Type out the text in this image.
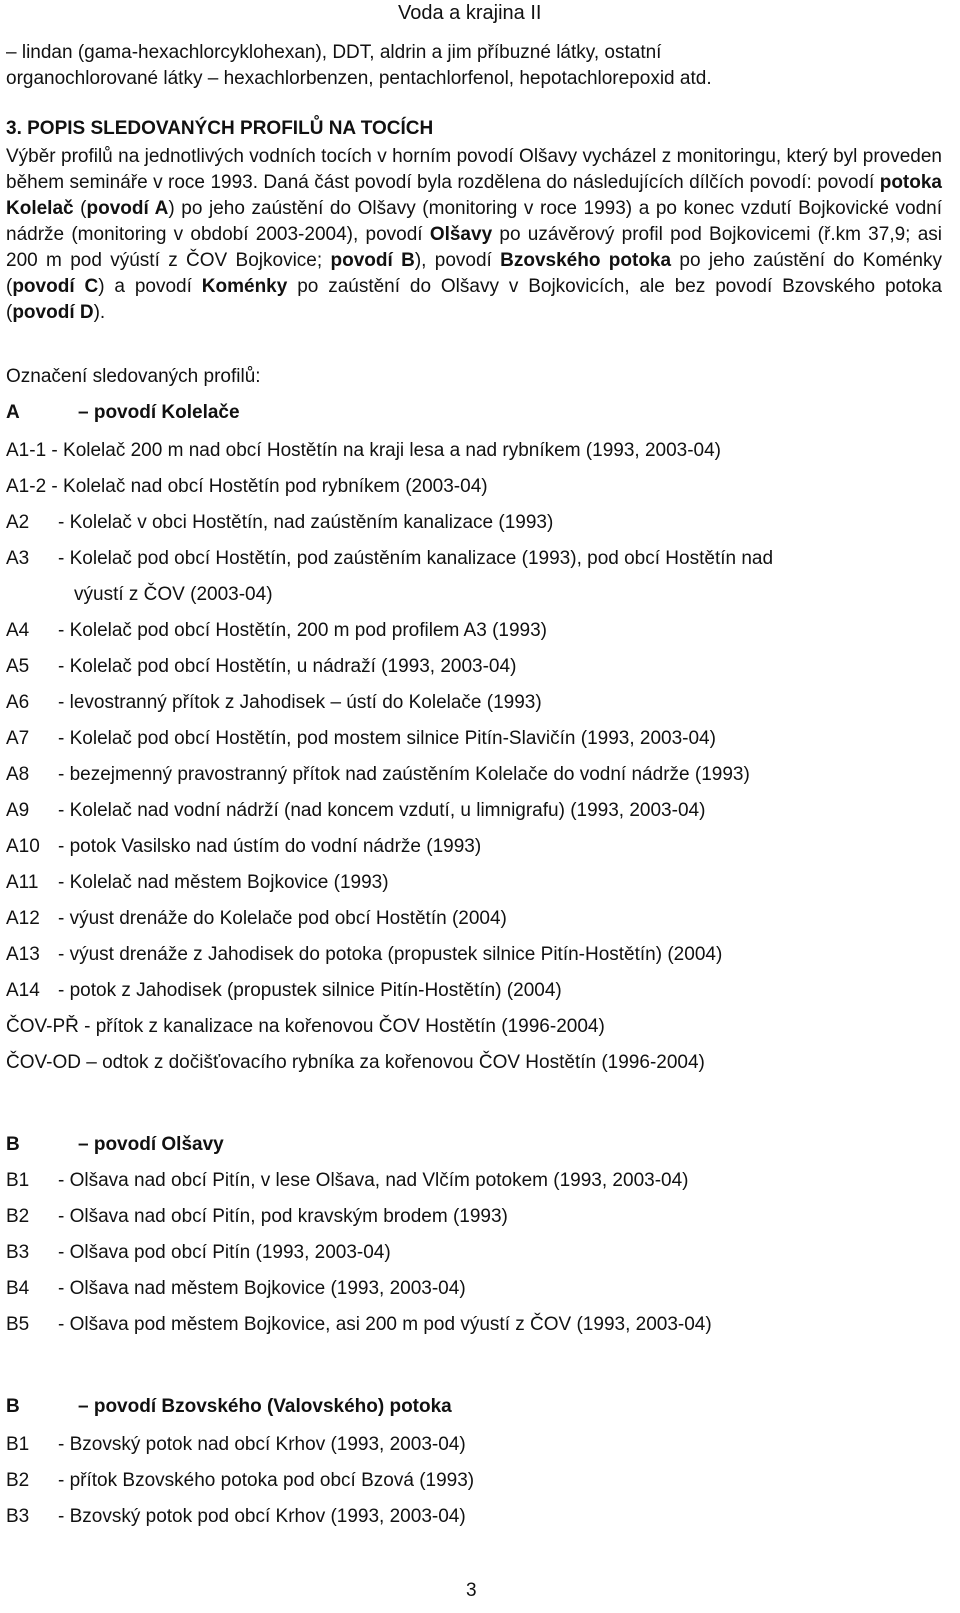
Voda a krajina II

– lindan (gama-hexachlorcyklohexan), DDT, aldrin a jim příbuzné látky, ostatní

organochlorované látky – hexachlorbenzen, pentachlorfenol, hepotachlorepoxid atd.

3. POPIS SLEDOVANÝCH PROFILŮ NA TOCÍCH

Výběr profilů na jednotlivých vodních tocích v horním povodí Olšavy vycházel z monitoringu, který byl proveden během semináře v roce 1993. Daná část povodí byla rozdělena do následujících dílčích povodí: povodí potoka Kolelač (povodí A) po jeho zaústění do Olšavy (monitoring v roce 1993) a po konec vzdutí Bojkovické vodní nádrže (monitoring v období 2003-2004), povodí Olšavy po uzávěrový profil pod Bojkovicemi (ř.km 37,9; asi 200 m pod výústí z ČOV Bojkovice; povodí B), povodí Bzovského potoka po jeho zaústění do Koménky (povodí C) a povodí Koménky po zaústění do Olšavy v Bojkovicích, ale bez povodí Bzovského potoka (povodí D).

Označení sledovaných profilů:
A	– povodí Kolelače
A1-1 - Kolelač 200 m nad obcí Hostětín na kraji lesa a nad rybníkem (1993, 2003-04)
A1-2 - Kolelač nad obcí Hostětín pod rybníkem (2003-04)
A2 - Kolelač v obci Hostětín, nad zaústěním kanalizace (1993)
A3 - Kolelač pod obcí Hostětín, pod zaústěním kanalizace (1993), pod obcí Hostětín nad
výustí z ČOV (2003-04)
A4 - Kolelač pod obcí Hostětín, 200 m pod profilem A3 (1993)
A5 - Kolelač pod obcí Hostětín, u nádraží (1993, 2003-04)
A6 - levostranný přítok z Jahodisek – ústí do Kolelače (1993)
A7 - Kolelač pod obcí Hostětín, pod mostem silnice Pitín-Slavičín (1993, 2003-04)
A8 - bezejmenný pravostranný přítok nad zaústěním Kolelače do vodní nádrže (1993)
A9 - Kolelač nad vodní nádrží (nad koncem vzdutí, u limnigrafu) (1993, 2003-04)
A10 - potok Vasilsko nad ústím do vodní nádrže (1993)
A11 - Kolelač nad městem Bojkovice (1993)
A12 - výust drenáže do Kolelače pod obcí Hostětín (2004)
A13 - výust drenáže z Jahodisek do potoka (propustek silnice Pitín-Hostětín) (2004)
A14 - potok z Jahodisek (propustek silnice Pitín-Hostětín) (2004)
ČOV-PŘ - přítok z kanalizace na kořenovou ČOV Hostětín (1996-2004)
ČOV-OD – odtok z dočišťovacího rybníka za kořenovou ČOV Hostětín (1996-2004)
B	– povodí Olšavy
B1 - Olšava nad obcí Pitín, v lese Olšava, nad Vlčím potokem (1993, 2003-04)
B2 - Olšava nad obcí Pitín, pod kravským brodem (1993)
B3 - Olšava pod obcí Pitín (1993, 2003-04)
B4 - Olšava nad městem Bojkovice (1993, 2003-04)
B5 - Olšava pod městem Bojkovice, asi 200 m pod výustí z ČOV (1993, 2003-04)
B	– povodí Bzovského (Valovského) potoka
B1 - Bzovský potok nad obcí Krhov (1993, 2003-04)
B2 - přítok Bzovského potoka pod obcí Bzová (1993)
B3 - Bzovský potok pod obcí Krhov (1993, 2003-04)
3
